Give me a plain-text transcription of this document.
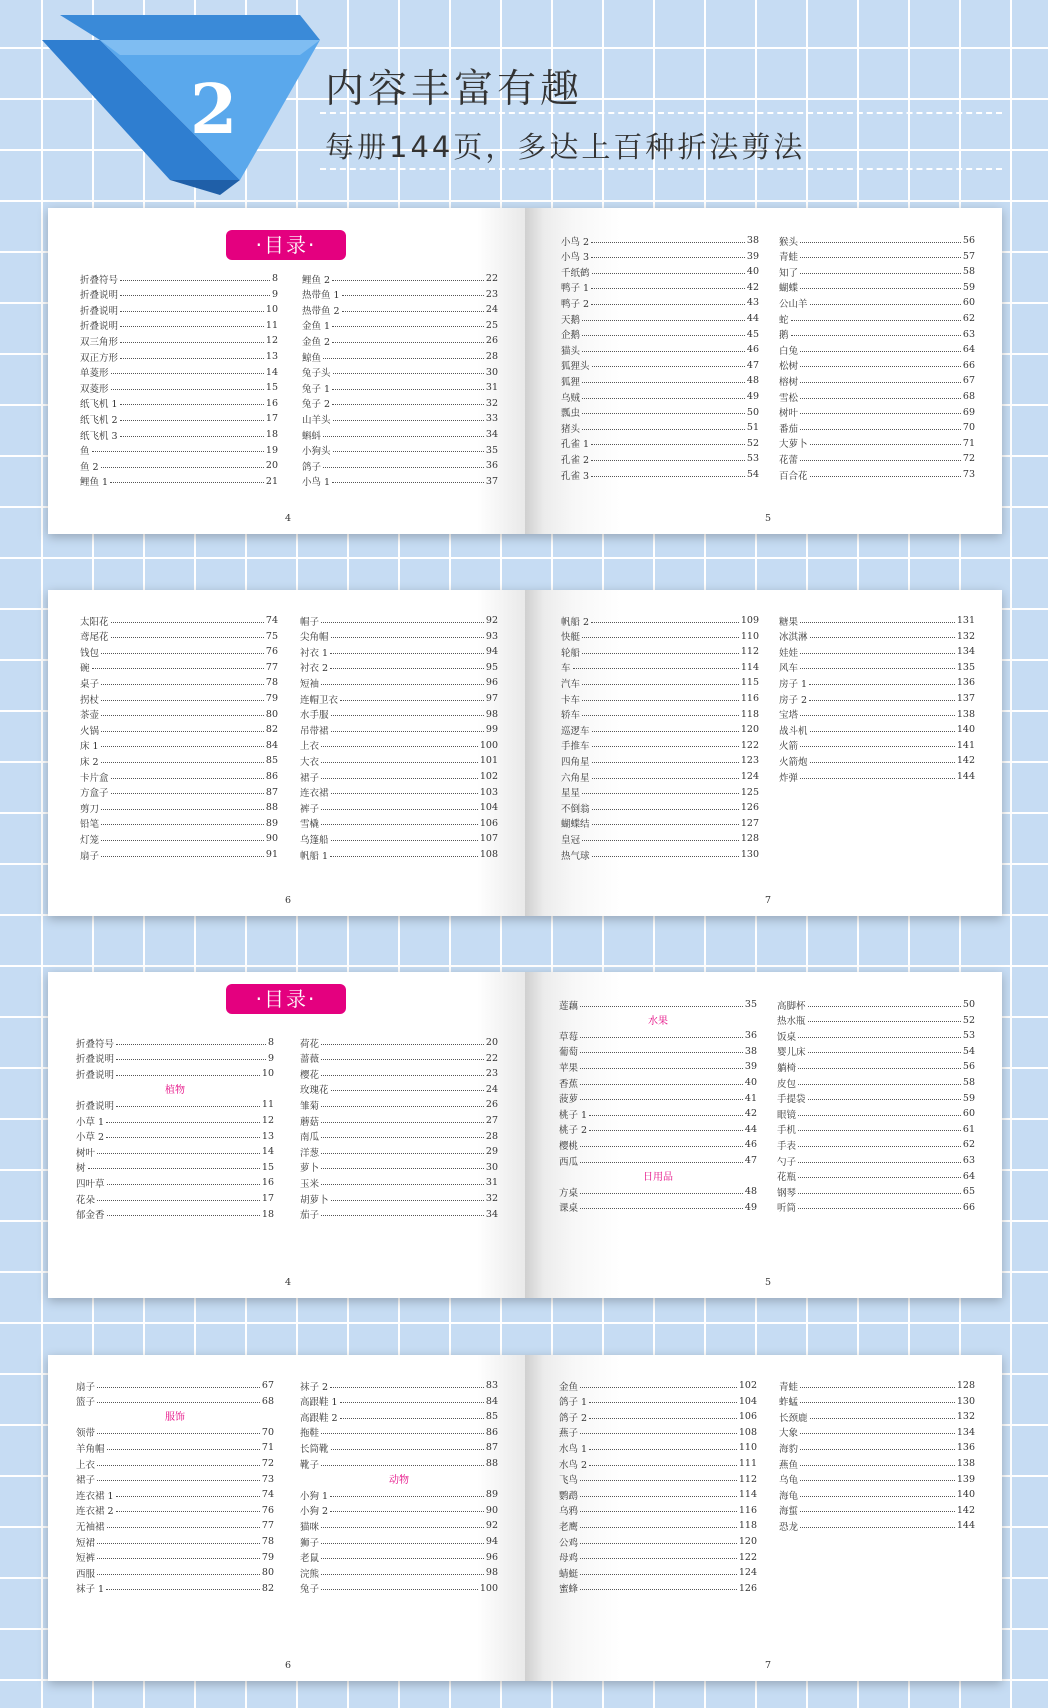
2 内容丰富有趣
每册144页，多达上百种折法剪法
·目录·
折叠符号	8
折叠说明	9
折叠说明	10
折叠说明	11
双三角形	12
双正方形	13
单菱形	14
双菱形	15
纸飞机 1	16
纸飞机 2	17
纸飞机 3	18
鱼	19
鱼 2	20
鲤鱼 1	21
鲤鱼 2	22
热带鱼 1	23
热带鱼 2	24
金鱼 1	25
金鱼 2	26
鲸鱼	28
兔子头	30
兔子 1	31
兔子 2	32
山羊头	33
蝌蚪	34
小狗头	35
鸽子	36
小鸟 1	37
4
小鸟 2	38
小鸟 3	39
千纸鹤	40
鸭子 1	42
鸭子 2	43
天鹅	44
企鹅	45
猫头	46
狐狸头	47
狐狸	48
乌贼	49
瓢虫	50
猪头	51
孔雀 1	52
孔雀 2	53
孔雀 3	54
猴头	56
青蛙	57
知了	58
蝴蝶	59
公山羊	60
蛇	62
鹅	63
白兔	64
松树	66
榕树	67
雪松	68
树叶	69
番茄	70
大萝卜	71
花蕾	72
百合花	73
5
太阳花	74
鸢尾花	75
钱包	76
碗	77
桌子	78
拐杖	79
茶壶	80
火锅	82
床 1	84
床 2	85
卡片盒	86
方盒子	87
剪刀	88
铅笔	89
灯笼	90
扇子	91
帽子	92
尖角帽	93
衬衣 1	94
衬衣 2	95
短袖	96
连帽卫衣	97
水手服	98
吊带裙	99
上衣	100
大衣	101
裙子	102
连衣裙	103
裤子	104
雪橇	106
乌篷船	107
帆船 1	108
6
帆船 2	109
快艇	110
轮船	112
车	114
汽车	115
卡车	116
轿车	118
巡逻车	120
手推车	122
四角星	123
六角星	124
星星	125
不倒翁	126
蝴蝶结	127
皇冠	128
热气球	130
糖果	131
冰淇淋	132
娃娃	134
风车	135
房子 1	136
房子 2	137
宝塔	138
战斗机	140
火箭	141
火箭炮	142
炸弹	144
7
·目录·
折叠符号	8
折叠说明	9
折叠说明	10
植物
折叠说明	11
小草 1	12
小草 2	13
树叶	14
树	15
四叶草	16
花朵	17
郁金香	18
荷花	20
蔷薇	22
樱花	23
玫瑰花	24
雏菊	26
蘑菇	27
南瓜	28
洋葱	29
萝卜	30
玉米	31
胡萝卜	32
茄子	34
4
莲藕	35
水果
草莓	36
葡萄	38
苹果	39
香蕉	40
菠萝	41
桃子 1	42
桃子 2	44
樱桃	46
西瓜	47
日用品
方桌	48
课桌	49
高脚杯	50
热水瓶	52
饭桌	53
婴儿床	54
躺椅	56
皮包	58
手提袋	59
眼镜	60
手机	61
手表	62
勺子	63
花瓶	64
钢琴	65
听筒	66
5
扇子	67
篮子	68
服饰
领带	70
羊角帽	71
上衣	72
裙子	73
连衣裙 1	74
连衣裙 2	76
无袖裙	77
短裙	78
短裤	79
西服	80
袜子 1	82
袜子 2	83
高跟鞋 1	84
高跟鞋 2	85
拖鞋	86
长筒靴	87
靴子	88
动物
小狗 1	89
小狗 2	90
猫咪	92
狮子	94
老鼠	96
浣熊	98
兔子	100
6
金鱼	102
鸽子 1	104
鸽子 2	106
燕子	108
水鸟 1	110
水鸟 2	111
飞鸟	112
鹦鹉	114
乌鸦	116
老鹰	118
公鸡	120
母鸡	122
蜻蜓	124
蜜蜂	126
青蛙	128
蚱蜢	130
长颈鹿	132
大象	134
海豹	136
燕鱼	138
乌龟	139
海龟	140
海蜇	142
恐龙	144
7
